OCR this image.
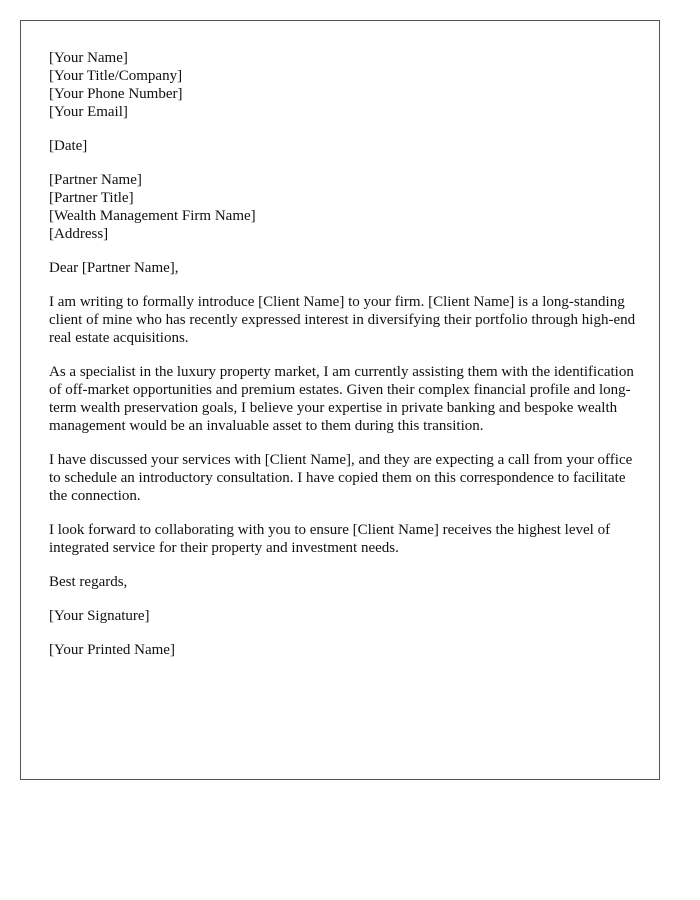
[Your Name]
[Your Title/Company]
[Your Phone Number]
[Your Email]
[Date]
[Partner Name]
[Partner Title]
[Wealth Management Firm Name]
[Address]

Dear [Partner Name],

I am writing to formally introduce [Client Name] to your firm. [Client Name] is a long-standing client of mine who has recently expressed interest in diversifying their portfolio through high-end real estate acquisitions.

As a specialist in the luxury property market, I am currently assisting them with the identification of off-market opportunities and premium estates. Given their complex financial profile and long-term wealth preservation goals, I believe your expertise in private banking and bespoke wealth management would be an invaluable asset to them during this transition.

I have discussed your services with [Client Name], and they are expecting a call from your office to schedule an introductory consultation. I have copied them on this correspondence to facilitate the connection.

I look forward to collaborating with you to ensure [Client Name] receives the highest level of integrated service for their property and investment needs.

Best regards,

[Your Signature]

[Your Printed Name]
